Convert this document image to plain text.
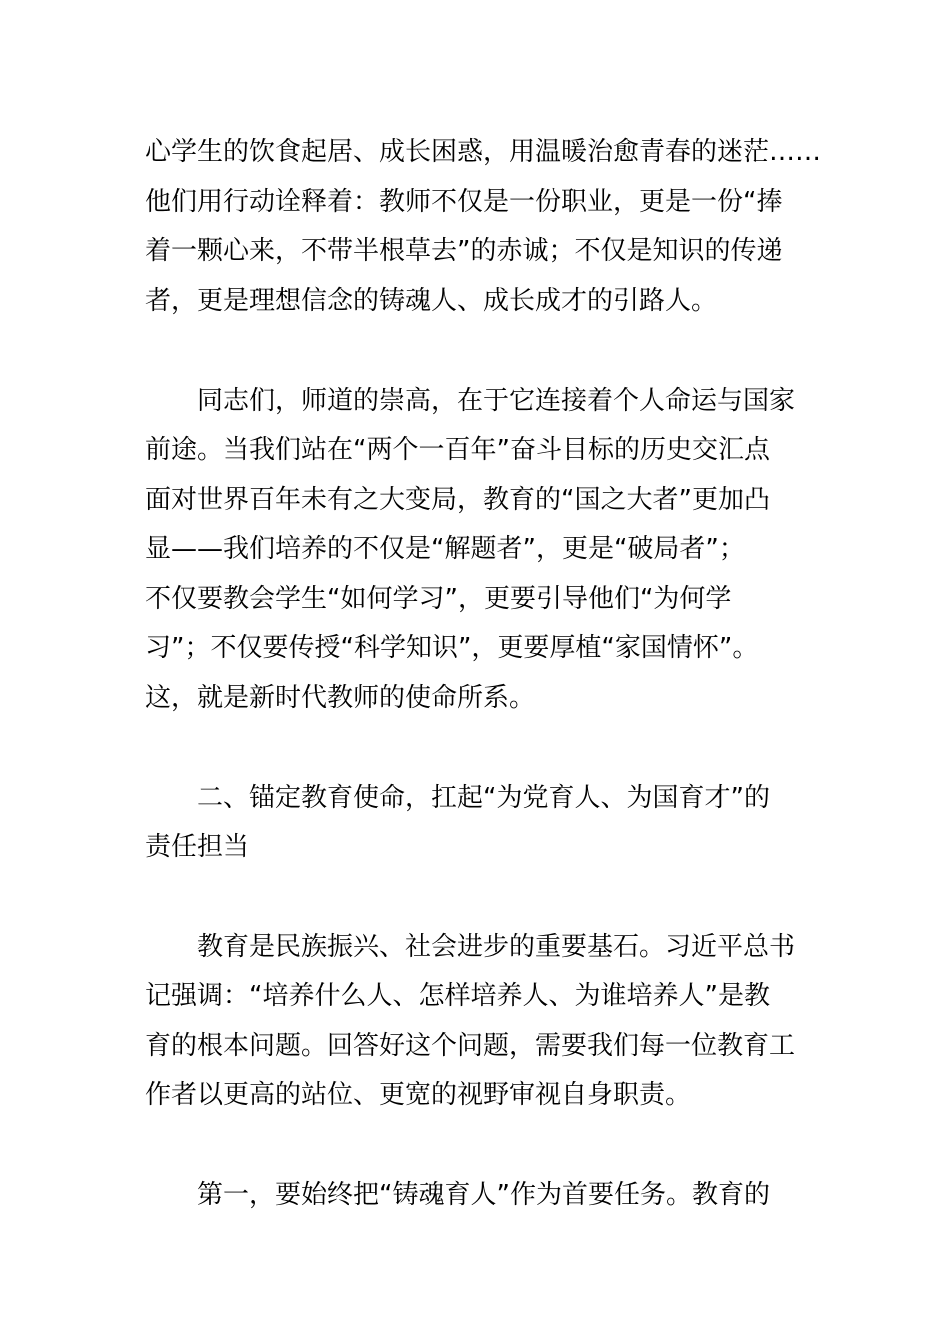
心学生的饮食起居、成长困惑，用温暖治愈青春的迷茫……
他们用行动诠释着：教师不仅是一份职业，更是一份“捧
着一颗心来，不带半根草去”的赤诚；不仅是知识的传递
者，更是理想信念的铸魂人、成长成才的引路人。
同志们，师道的崇高，在于它连接着个人命运与国家
前途。当我们站在“两个一百年”奋斗目标的历史交汇点
面对世界百年未有之大变局，教育的“国之大者”更加凸
显——我们培养的不仅是“解题者”，更是“破局者”；
不仅要教会学生“如何学习”，更要引导他们“为何学
习”；不仅要传授“科学知识”，更要厚植“家国情怀”。
这，就是新时代教师的使命所系。
二、锚定教育使命，扛起“为党育人、为国育才”的
责任担当
教育是民族振兴、社会进步的重要基石。习近平总书
记强调：“培养什么人、怎样培养人、为谁培养人”是教
育的根本问题。回答好这个问题，需要我们每一位教育工
作者以更高的站位、更宽的视野审视自身职责。
第一，要始终把“铸魂育人”作为首要任务。教育的
